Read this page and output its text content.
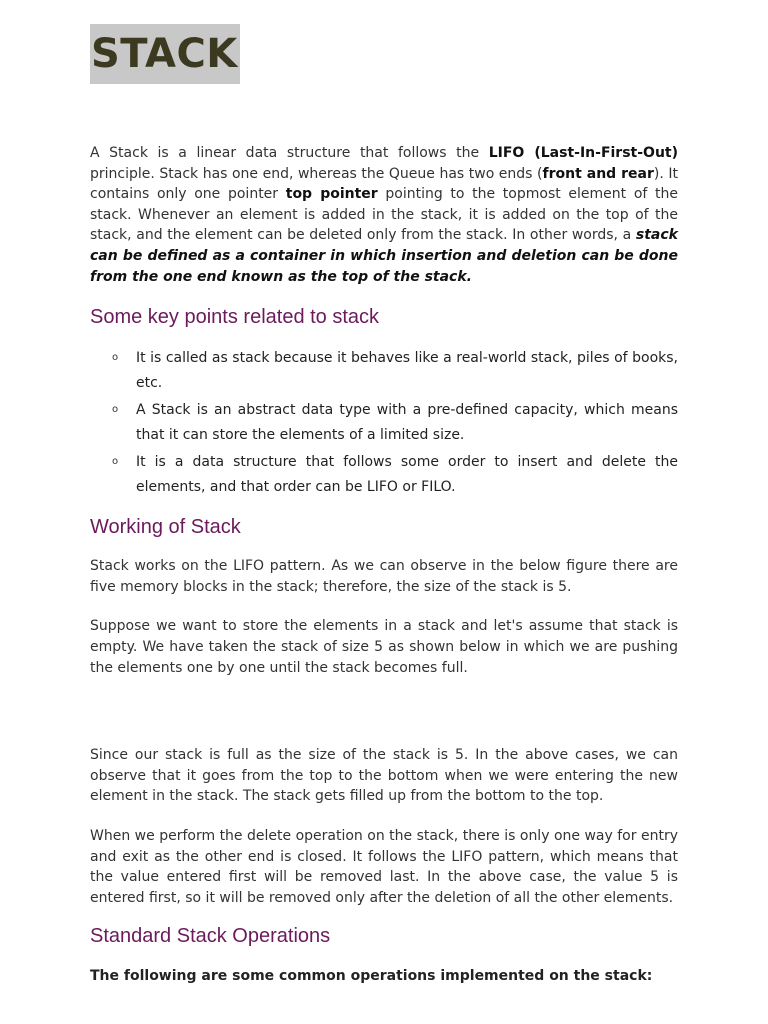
STACK

A Stack is a linear data structure that follows the LIFO (Last-In-First-Out) principle. Stack has one end, whereas the Queue has two ends (front and rear). It contains only one pointer top pointer pointing to the topmost element of the stack. Whenever an element is added in the stack, it is added on the top of the stack, and the element can be deleted only from the stack. In other words, a stack can be defined as a container in which insertion and deletion can be done from the one end known as the top of the stack.

Some key points related to stack
o It is called as stack because it behaves like a real-world stack, piles of books, etc.
o A Stack is an abstract data type with a pre-defined capacity, which means that it can store the elements of a limited size.
o It is a data structure that follows some order to insert and delete the elements, and that order can be LIFO or FILO.
Working of Stack

Stack works on the LIFO pattern. As we can observe in the below figure there are five memory blocks in the stack; therefore, the size of the stack is 5.

Suppose we want to store the elements in a stack and let's assume that stack is empty. We have taken the stack of size 5 as shown below in which we are pushing the elements one by one until the stack becomes full.

Since our stack is full as the size of the stack is 5. In the above cases, we can observe that it goes from the top to the bottom when we were entering the new element in the stack. The stack gets filled up from the bottom to the top.

When we perform the delete operation on the stack, there is only one way for entry and exit as the other end is closed. It follows the LIFO pattern, which means that the value entered first will be removed last. In the above case, the value 5 is entered first, so it will be removed only after the deletion of all the other elements.

Standard Stack Operations

The following are some common operations implemented on the stack:
